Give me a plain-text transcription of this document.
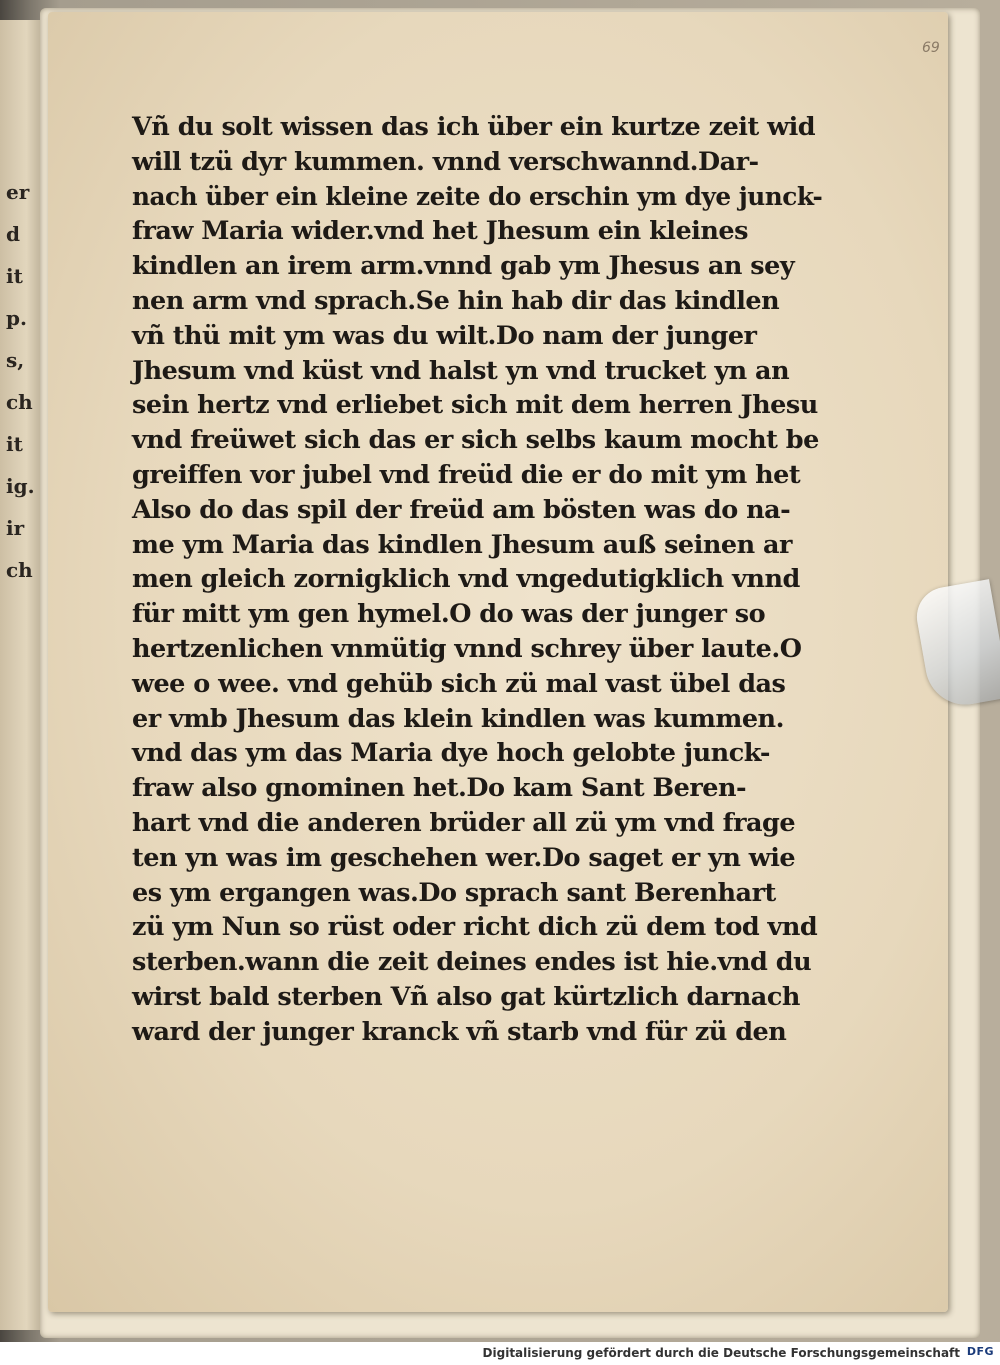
er
d
it
p.
s,
ch
it
ig.
ir
ch
69
Vñ du solt wissen das ich über ein kurtze zeit wid
will tzü dyr kummen. vnnd verschwannd.Dar-
nach über ein kleine zeite do erschin ym dye junck-
fraw Maria wider.vnd het Jhesum ein kleines
kindlen an irem arm.vnnd gab ym Jhesus an sey
nen arm vnd sprach.Se hin hab dir das kindlen
vñ thü mit ym was du wilt.Do nam der junger
Jhesum vnd küst vnd halst yn vnd trucket yn an
sein hertz vnd erliebet sich mit dem herren Jhesu
vnd freüwet sich das er sich selbs kaum mocht be
greiffen vor jubel vnd freüd die er do mit ym het
Also do das spil der freüd am bösten was do na-
me ym Maria das kindlen Jhesum auß seinen ar
men gleich zornigklich vnd vngedutigklich vnnd
für mitt ym gen hymel.O do was der junger so
hertzenlichen vnmütig vnnd schrey über laute.O
wee o wee. vnd gehüb sich zü mal vast übel das
er vmb Jhesum das klein kindlen was kummen.
vnd das ym das Maria dye hoch gelobte junck-
fraw also gnominen het.Do kam Sant Beren-
hart vnd die anderen brüder all zü ym vnd frage
ten yn was im geschehen wer.Do saget er yn wie
es ym ergangen was.Do sprach sant Berenhart
zü ym Nun so rüst oder richt dich zü dem tod vnd
sterben.wann die zeit deines endes ist hie.vnd du
wirst bald sterben Vñ also gat kürtzlich darnach
ward der junger kranck vñ starb vnd für zü den
Digitalisierung gefördert durch die Deutsche Forschungsgemeinschaft DFG
